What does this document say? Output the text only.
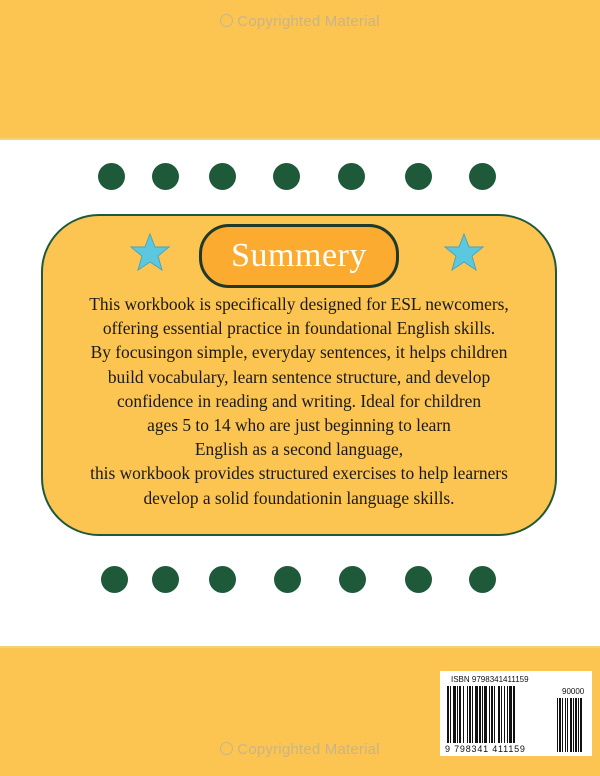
Copyrighted Material
Summery
This workbook is specifically designed for ESL newcomers,
offering essential practice in foundational English skills.
By focusingon simple, everyday sentences, it helps children
build vocabulary, learn sentence structure, and develop
confidence in reading and writing. Ideal for children
ages 5 to 14 who are just beginning to learn
English as a second language,
this workbook provides structured exercises to help learners
develop a solid foundationin language skills.
Copyrighted Material
ISBN 9798341411159
90000
9 798341 411159
